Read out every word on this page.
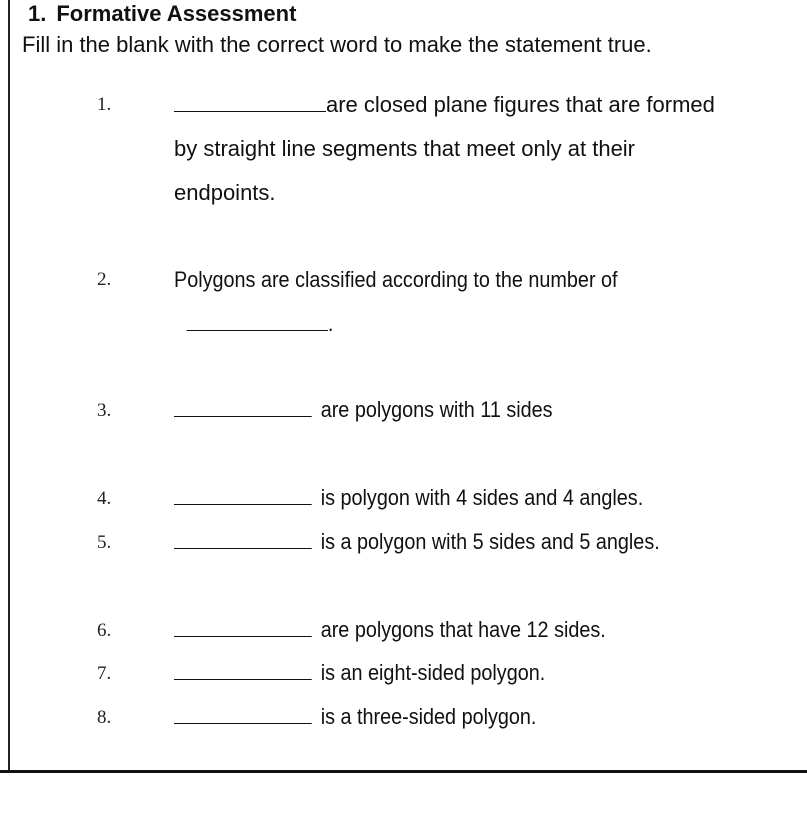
1. Formative Assessment
Fill in the blank with the correct word to make the statement true.
1.	are closed plane figures that are formed
by straight line segments that meet only at their
endpoints.
2.	Polygons are classified according to the number of
.
3.	are polygons with 11 sides
4.	is polygon with 4 sides and 4 angles.
5.	is a polygon with 5 sides and 5 angles.
6.	are polygons that have 12 sides.
7.	is an eight-sided polygon.
8.	is a three-sided polygon.
